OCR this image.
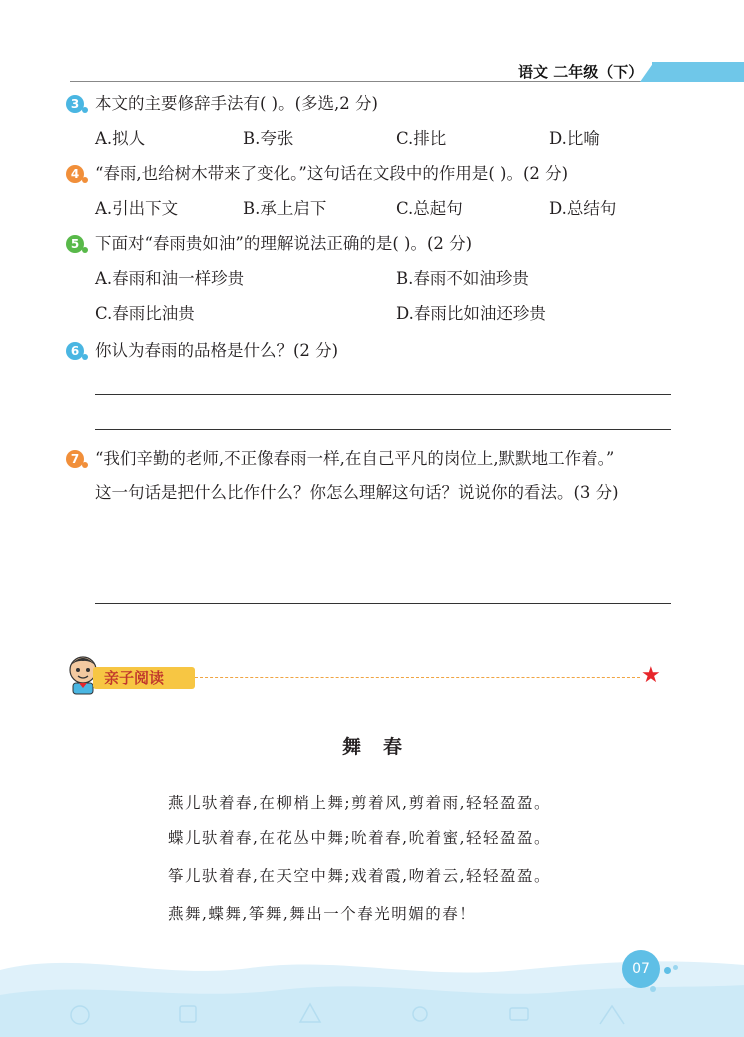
语文 二年级（下）
3 本文的主要修辞手法有( )。(多选,2 分)
A.拟人	B.夸张	C.排比	D.比喻
4 “春雨,也给树木带来了变化。”这句话在文段中的作用是( )。(2 分)
A.引出下文	B.承上启下	C.总起句	D.总结句
5 下面对“春雨贵如油”的理解说法正确的是( )。(2 分)
A.春雨和油一样珍贵	B.春雨不如油珍贵
C.春雨比油贵	D.春雨比如油还珍贵
6 你认为春雨的品格是什么？(2 分)
7 “我们辛勤的老师,不正像春雨一样,在自己平凡的岗位上,默默地工作着。”
这一句话是把什么比作什么？你怎么理解这句话？说说你的看法。(3 分)
亲子阅读	★
舞春
燕儿驮着春,在柳梢上舞;剪着风,剪着雨,轻轻盈盈。
蝶儿驮着春,在花丛中舞;吮着春,吮着蜜,轻轻盈盈。
筝儿驮着春,在天空中舞;戏着霞,吻着云,轻轻盈盈。
燕舞,蝶舞,筝舞,舞出一个春光明媚的春！
07
